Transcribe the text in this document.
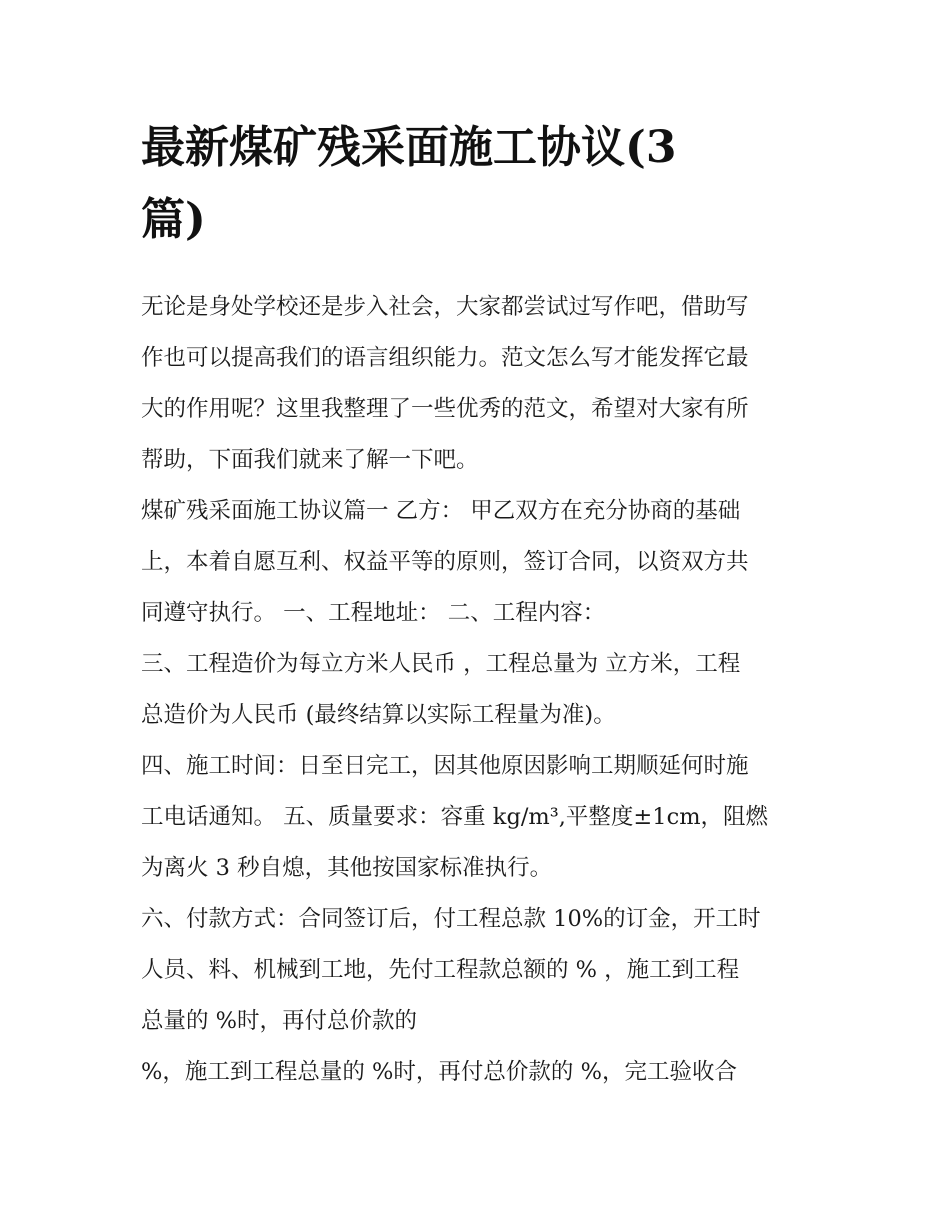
最新煤矿残采面施工协议(3
篇)

无论是身处学校还是步入社会，大家都尝试过写作吧，借助写
作也可以提高我们的语言组织能力。范文怎么写才能发挥它最
大的作用呢？这里我整理了一些优秀的范文，希望对大家有所
帮助，下面我们就来了解一下吧。

煤矿残采面施工协议篇一 乙方： 甲乙双方在充分协商的基础
上，本着自愿互利、权益平等的原则，签订合同，以资双方共
同遵守执行。 一、工程地址： 二、工程内容：

三、工程造价为每立方米人民币 ，工程总量为 立方米，工程
总造价为人民币 (最终结算以实际工程量为准)。

四、施工时间：日至日完工，因其他原因影响工期顺延何时施
工电话通知。 五、质量要求：容重 kg/m³,平整度±1cm，阻燃
为离火 3 秒自熄，其他按国家标准执行。

六、付款方式：合同签订后，付工程总款 10%的订金，开工时
人员、料、机械到工地，先付工程款总额的 % ，施工到工程
总量的 %时，再付总价款的

%，施工到工程总量的 %时，再付总价款的 %，完工验收合
